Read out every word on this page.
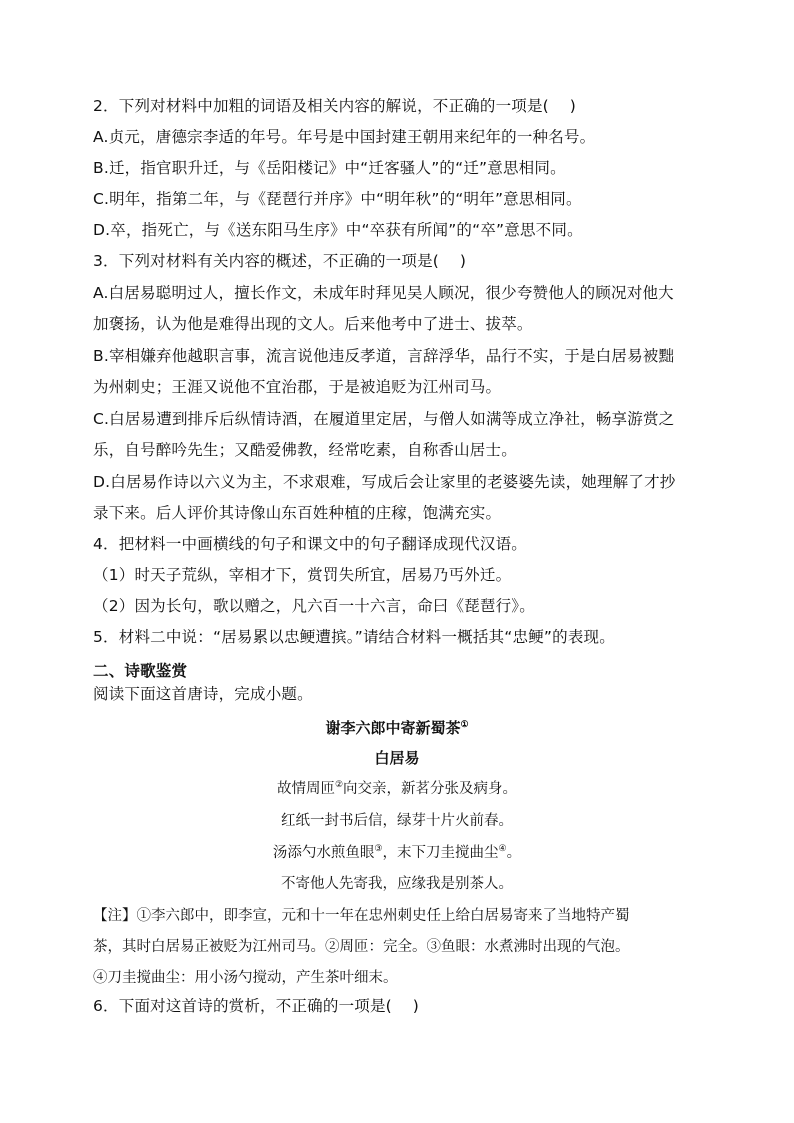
2．下列对材料中加粗的词语及相关内容的解说，不正确的一项是(　 )
A.贞元，唐德宗李适的年号。年号是中国封建王朝用来纪年的一种名号。
B.迁，指官职升迁，与《岳阳楼记》中“迁客骚人”的“迁”意思相同。
C.明年，指第二年，与《琵琶行并序》中“明年秋”的“明年”意思相同。
D.卒，指死亡，与《送东阳马生序》中“卒获有所闻”的“卒”意思不同。
3．下列对材料有关内容的概述，不正确的一项是(　 )
A.白居易聪明过人，擅长作文，未成年时拜见吴人顾况，很少夸赞他人的顾况对他大
加褒扬，认为他是难得出现的文人。后来他考中了进士、拔萃。
B.宰相嫌弃他越职言事，流言说他违反孝道，言辞浮华，品行不实，于是白居易被黜
为州刺史；王涯又说他不宜治郡，于是被追贬为江州司马。
C.白居易遭到排斥后纵情诗酒，在履道里定居，与僧人如满等成立净社，畅享游赏之
乐，自号醉吟先生；又酷爱佛教，经常吃素，自称香山居士。
D.白居易作诗以六义为主，不求艰难，写成后会让家里的老婆婆先读，她理解了才抄
录下来。后人评价其诗像山东百姓种植的庄稼，饱满充实。
4．把材料一中画横线的句子和课文中的句子翻译成现代汉语。
（1）时天子荒纵，宰相才下，赏罚失所宜，居易乃丐外迁。
（2）因为长句，歌以赠之，凡六百一十六言，命曰《琵琶行》。
5．材料二中说：“居易累以忠鲠遭摈。”请结合材料一概括其“忠鲠”的表现。
二、诗歌鉴赏
阅读下面这首唐诗，完成小题。
谢李六郎中寄新蜀茶①
白居易
故情周匝②向交亲，新茗分张及病身。
红纸一封书后信，绿芽十片火前春。
汤添勺水煎鱼眼③，末下刀圭搅曲尘④。
不寄他人先寄我，应缘我是别茶人。
【注】①李六郎中，即李宣，元和十一年在忠州刺史任上给白居易寄来了当地特产蜀
茶，其时白居易正被贬为江州司马。②周匝：完全。③鱼眼：水煮沸时出现的气泡。
④刀圭搅曲尘：用小汤勺搅动，产生茶叶细末。
6．下面对这首诗的赏析，不正确的一项是(　 )
